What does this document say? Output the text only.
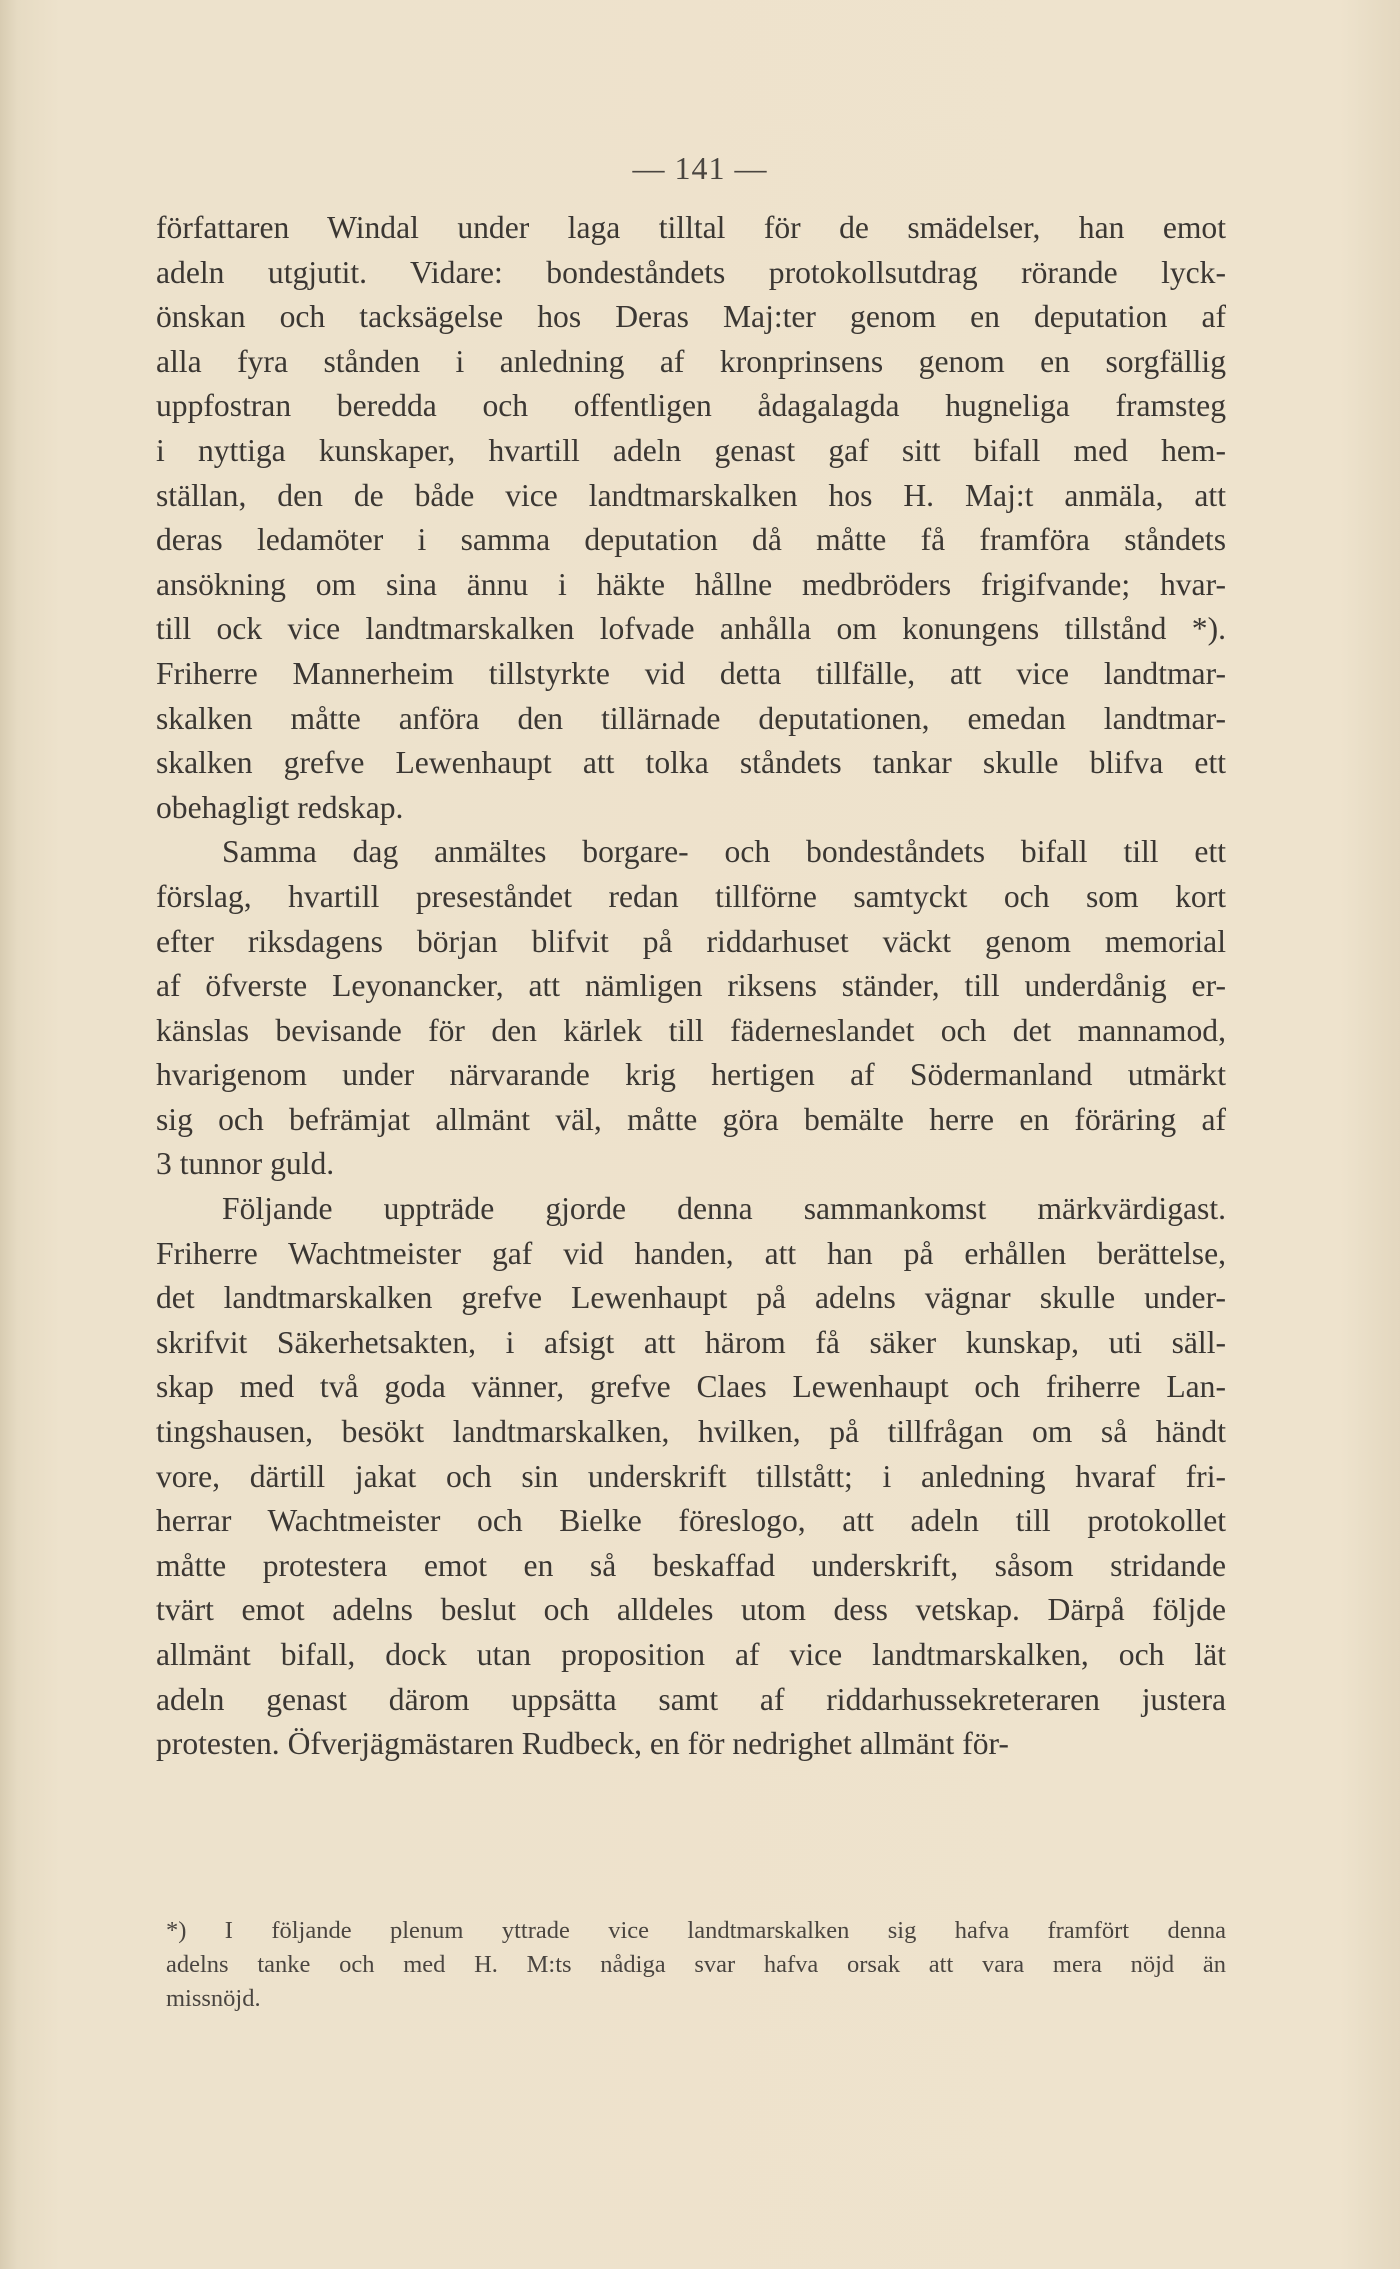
— 141 —
författaren Windal under laga tilltal för de smädelser, han emot
adeln utgjutit. Vidare: bondeståndets protokollsutdrag rörande lyck-
önskan och tacksägelse hos Deras Maj:ter genom en deputation af
alla fyra stånden i anledning af kronprinsens genom en sorgfällig
uppfostran beredda och offentligen ådagalagda hugneliga framsteg
i nyttiga kunskaper, hvartill adeln genast gaf sitt bifall med hem-
ställan, den de både vice landtmarskalken hos H. Maj:t anmäla, att
deras ledamöter i samma deputation då måtte få framföra ståndets
ansökning om sina ännu i häkte hållne medbröders frigifvande; hvar-
till ock vice landtmarskalken lofvade anhålla om konungens tillstånd *).
Friherre Mannerheim tillstyrkte vid detta tillfälle, att vice landtmar-
skalken måtte anföra den tillärnade deputationen, emedan landtmar-
skalken grefve Lewenhaupt att tolka ståndets tankar skulle blifva ett
obehagligt redskap.
Samma dag anmältes borgare- och bondeståndets bifall till ett
förslag, hvartill preseståndet redan tillförne samtyckt och som kort
efter riksdagens början blifvit på riddarhuset väckt genom memorial
af öfverste Leyonancker, att nämligen riksens ständer, till underdånig er-
känslas bevisande för den kärlek till fäderneslandet och det mannamod,
hvarigenom under närvarande krig hertigen af Södermanland utmärkt
sig och befrämjat allmänt väl, måtte göra bemälte herre en föräring af
3 tunnor guld.
Följande uppträde gjorde denna sammankomst märkvärdigast.
Friherre Wachtmeister gaf vid handen, att han på erhållen berättelse,
det landtmarskalken grefve Lewenhaupt på adelns vägnar skulle under-
skrifvit Säkerhetsakten, i afsigt att härom få säker kunskap, uti säll-
skap med två goda vänner, grefve Claes Lewenhaupt och friherre Lan-
tingshausen, besökt landtmarskalken, hvilken, på tillfrågan om så händt
vore, därtill jakat och sin underskrift tillstått; i anledning hvaraf fri-
herrar Wachtmeister och Bielke föreslogo, att adeln till protokollet
måtte protestera emot en så beskaffad underskrift, såsom stridande
tvärt emot adelns beslut och alldeles utom dess vetskap. Därpå följde
allmänt bifall, dock utan proposition af vice landtmarskalken, och lät
adeln genast därom uppsätta samt af riddarhussekreteraren justera
protesten. Öfverjägmästaren Rudbeck, en för nedrighet allmänt för-
*) I följande plenum yttrade vice landtmarskalken sig hafva framfört denna
adelns tanke och med H. M:ts nådiga svar hafva orsak att vara mera nöjd än
missnöjd.
